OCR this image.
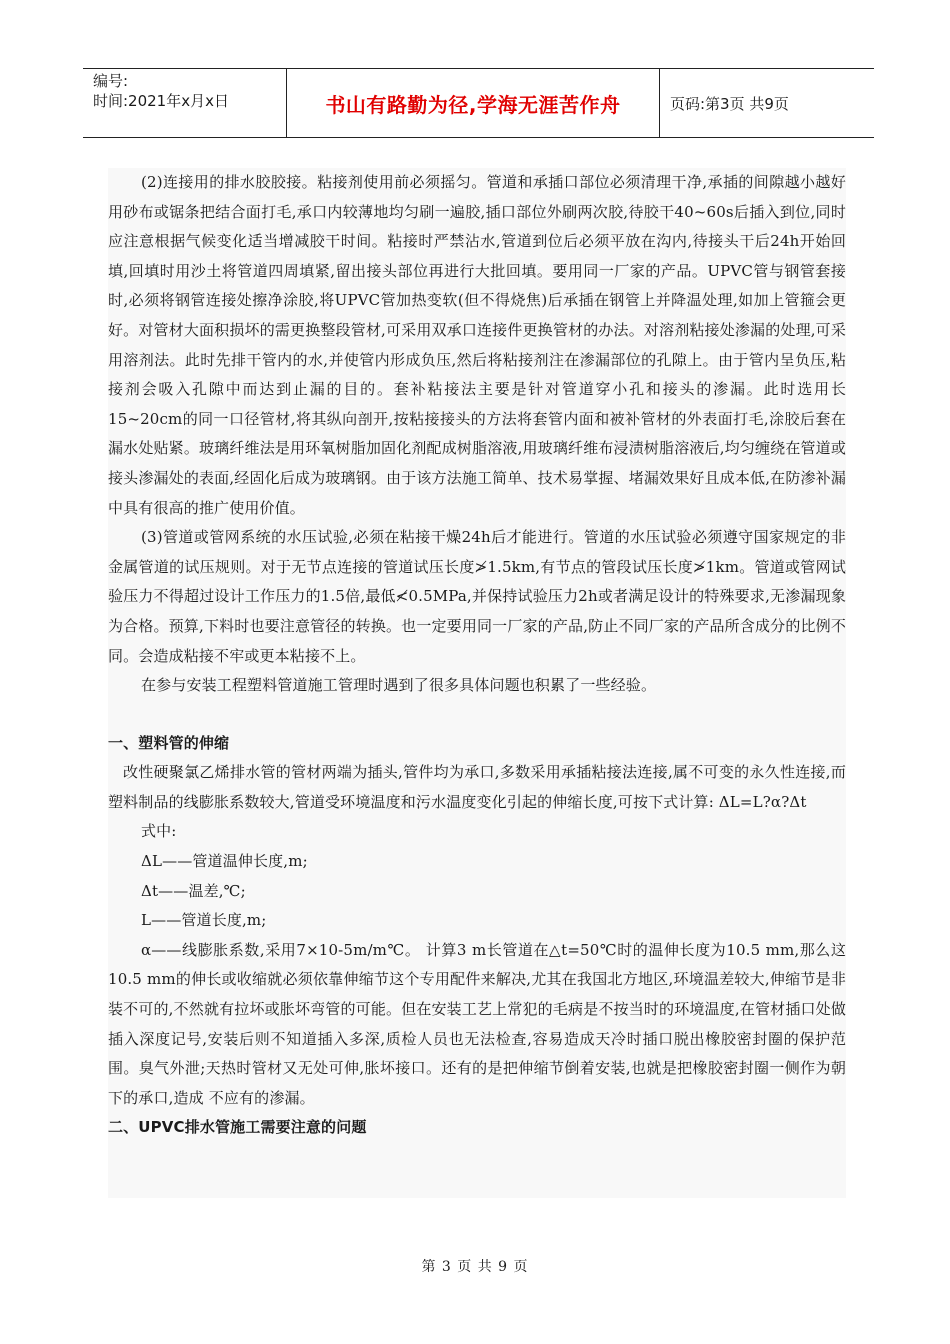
编号:
时间:2021年x月x日	书山有路勤为径,学海无涯苦作舟	页码:第3页 共9页

(2)连接用的排水胶胶接。粘接剂使用前必须摇匀。管道和承插口部位必须清理干净,承插的间隙越小越好用砂布或锯条把结合面打毛,承口内较薄地均匀刷一遍胶,插口部位外刷两次胶,待胶干40~60s后插入到位,同时应注意根据气候变化适当增减胶干时间。粘接时严禁沾水,管道到位后必须平放在沟内,待接头干后24h开始回填,回填时用沙土将管道四周填紧,留出接头部位再进行大批回填。要用同一厂家的产品。UPVC管与钢管套接时,必须将钢管连接处擦净涂胶,将UPVC管加热变软(但不得烧焦)后承插在钢管上并降温处理,如加上管箍会更好。对管材大面积损坏的需更换整段管材,可采用双承口连接件更换管材的办法。对溶剂粘接处渗漏的处理,可采用溶剂法。此时先排干管内的水,并使管内形成负压,然后将粘接剂注在渗漏部位的孔隙上。由于管内呈负压,粘接剂会吸入孔隙中而达到止漏的目的。套补粘接法主要是针对管道穿小孔和接头的渗漏。此时选用长15~20cm的同一口径管材,将其纵向剖开,按粘接接头的方法将套管内面和被补管材的外表面打毛,涂胶后套在漏水处贴紧。玻璃纤维法是用环氧树脂加固化剂配成树脂溶液,用玻璃纤维布浸渍树脂溶液后,均匀缠绕在管道或接头渗漏处的表面,经固化后成为玻璃钢。由于该方法施工简单、技术易掌握、堵漏效果好且成本低,在防渗补漏中具有很高的推广使用价值。

(3)管道或管网系统的水压试验,必须在粘接干燥24h后才能进行。管道的水压试验必须遵守国家规定的非金属管道的试压规则。对于无节点连接的管道试压长度≯1.5km,有节点的管段试压长度≯1km。管道或管网试验压力不得超过设计工作压力的1.5倍,最低≮0.5MPa,并保持试验压力2h或者满足设计的特殊要求,无渗漏现象为合格。预算,下料时也要注意管径的转换。也一定要用同一厂家的产品,防止不同厂家的产品所含成分的比例不同。会造成粘接不牢或更本粘接不上。

在参与安装工程塑料管道施工管理时遇到了很多具体问题也积累了一些经验。

一、塑料管的伸缩

改性硬聚氯乙烯排水管的管材两端为插头,管件均为承口,多数采用承插粘接法连接,属不可变的永久性连接,而塑料制品的线膨胀系数较大,管道受环境温度和污水温度变化引起的伸缩长度,可按下式计算: ΔL=L?α?Δt

式中:

ΔL——管道温伸长度,m;

Δt——温差,℃;

L——管道长度,m;

α——线膨胀系数,采用7×10-5m/m℃。 计算3 m长管道在△t=50℃时的温伸长度为10.5 mm,那么这10.5 mm的伸长或收缩就必须依靠伸缩节这个专用配件来解决,尤其在我国北方地区,环境温差较大,伸缩节是非装不可的,不然就有拉坏或胀坏弯管的可能。但在安装工艺上常犯的毛病是不按当时的环境温度,在管材插口处做插入深度记号,安装后则不知道插入多深,质检人员也无法检查,容易造成天冷时插口脱出橡胶密封圈的保护范围。臭气外泄;天热时管材又无处可伸,胀坏接口。还有的是把伸缩节倒着安装,也就是把橡胶密封圈一侧作为朝下的承口,造成 不应有的渗漏。

二、UPVC排水管施工需要注意的问题

第 3 页 共 9 页
